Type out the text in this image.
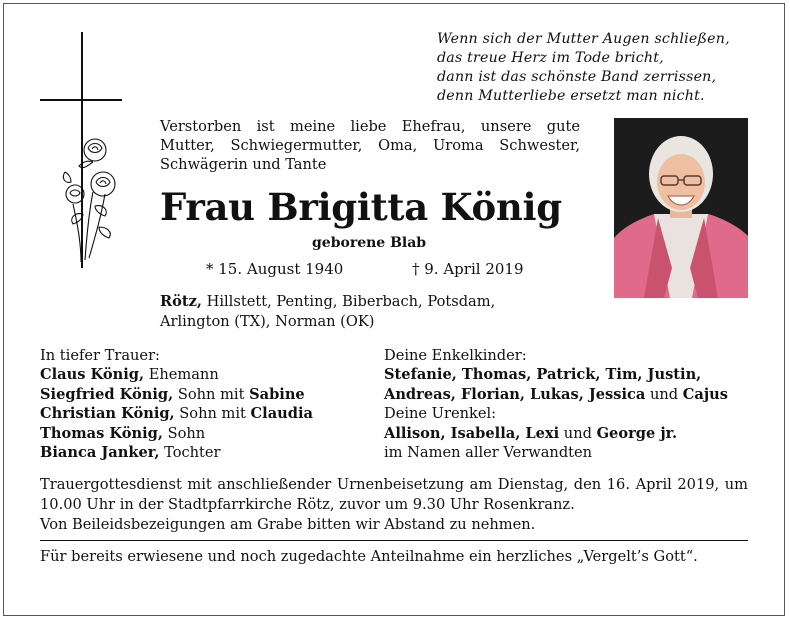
Wenn sich der Mutter Augen schließen,
das treue Herz im Tode bricht,
dann ist das schönste Band zerrissen,
denn Mutterliebe ersetzt man nicht.
Verstorben ist meine liebe Ehefrau, unsere gute
Mutter, Schwiegermutter, Oma, Uroma Schwester,
Schwägerin und Tante
Frau Brigitta König
geborene Blab
* 15. August 1940	† 9. April 2019
Rötz, Hillstett, Penting, Biberbach, Potsdam,
Arlington (TX), Norman (OK)
In tiefer Trauer:
Claus König, Ehemann
Siegfried König, Sohn mit Sabine
Christian König, Sohn mit Claudia
Thomas König, Sohn
Bianca Janker, Tochter
Deine Enkelkinder:
Stefanie, Thomas, Patrick, Tim, Justin,
Andreas, Florian, Lukas, Jessica und Cajus
Deine Urenkel:
Allison, Isabella, Lexi und George jr.
im Namen aller Verwandten
Trauergottesdienst mit anschließender Urnenbeisetzung am Dienstag, den 16. April 2019, um 10.00 Uhr in der Stadtpfarrkirche Rötz, zuvor um 9.30 Uhr Rosenkranz.
Von Beileidsbezeigungen am Grabe bitten wir Abstand zu nehmen.
Für bereits erwiesene und noch zugedachte Anteilnahme ein herzliches „Vergelt’s Gott“.
